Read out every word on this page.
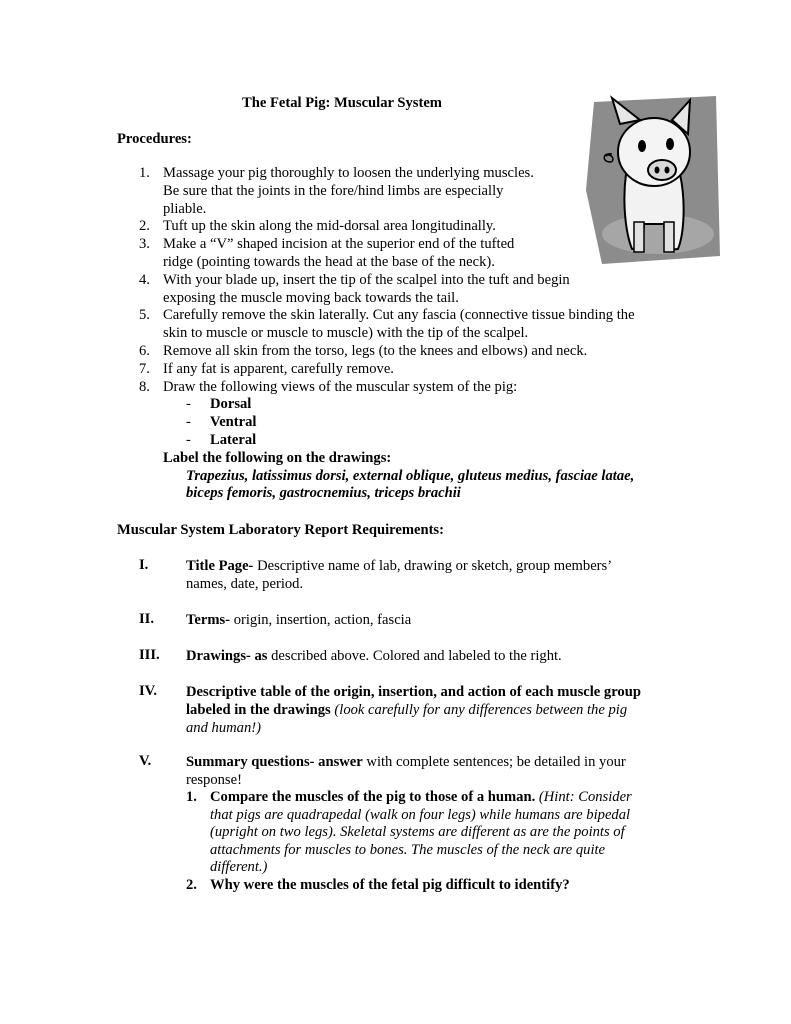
The Fetal Pig: Muscular System
Procedures:
1. Massage your pig thoroughly to loosen the underlying muscles.
Be sure that the joints in the fore/hind limbs are especially
pliable.
2. Tuft up the skin along the mid-dorsal area longitudinally.
3. Make a “V” shaped incision at the superior end of the tufted
ridge (pointing towards the head at the base of the neck).
4. With your blade up, insert the tip of the scalpel into the tuft and begin
exposing the muscle moving back towards the tail.
5. Carefully remove the skin laterally. Cut any fascia (connective tissue binding the
skin to muscle or muscle to muscle) with the tip of the scalpel.
6. Remove all skin from the torso, legs (to the knees and elbows) and neck.
7. If any fat is apparent, carefully remove.
8. Draw the following views of the muscular system of the pig:
- Dorsal
- Ventral
- Lateral
Label the following on the drawings:
Trapezius, latissimus dorsi, external oblique, gluteus medius, fasciae latae,
biceps femoris, gastrocnemius, triceps brachii
Muscular System Laboratory Report Requirements:
I.	Title Page- Descriptive name of lab, drawing or sketch, group members’
names, date, period.
II. Terms- origin, insertion, action, fascia
III. Drawings- as described above. Colored and labeled to the right.
IV. Descriptive table of the origin, insertion, and action of each muscle group
labeled in the drawings (look carefully for any differences between the pig
and human!)
V. Summary questions- answer with complete sentences; be detailed in your
response!
1. Compare the muscles of the pig to those of a human. (Hint: Consider
that pigs are quadrapedal (walk on four legs) while humans are bipedal
(upright on two legs). Skeletal systems are different as are the points of
attachments for muscles to bones. The muscles of the neck are quite
different.)
2. Why were the muscles of the fetal pig difficult to identify?
